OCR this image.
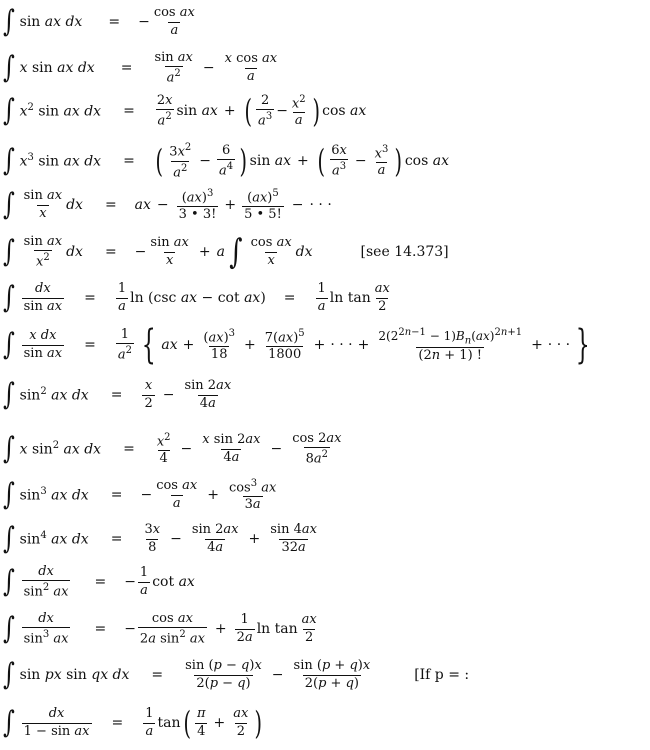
∫ sin ax dx = − $\frac{\text{cos ax}}{a}$
∫ x sin ax dx = $\frac{\text{sin ax}}{a^2} - \frac{\text{x cos ax}}{a}$
∫ $x^2$ sin ax dx = $\frac{2x}{a^2}$ sin ax + ( $\frac{2}{a^3} - \frac{x^2}{a}$ ) cos ax
∫ $x^3$ sin ax dx = ( $\frac{3x^2}{a^2} - \frac{6}{a^4}$ ) sin ax + ( $\frac{6x}{a^3} - \frac{x^3}{a}$ ) cos ax
∫ $\frac{\text{sin ax}}{x}$ dx = ax − $\frac{(ax)^3}{3 • 3!} + \frac{(ax)^5}{5 • 5!}$ − · · ·
∫ $\frac{\text{sin ax}}{x^2}$ dx = − $\frac{\text{sin ax}}{x} + a$ ∫ $\frac{\text{cos ax}}{x}$ dx	[see 14.373]
∫ $\frac{dx}{\text{sin ax}} = \frac{1}{a}$ ln (csc ax − $\cot ax) = \frac{1}{a}$ $\ln \tan \frac{ax}{2}$
∫ $\frac{\text{x dx}}{\text{sin ax}} = \frac{1}{a^2}$ { ax + $\frac{(ax)^3}{18} + \frac{7(ax)^5}{1800}$ + · · · + $\frac{2(2^{2n-1} - 1)B_n(ax)^{2n+1}}{(2n + 1) !}$ + · · · }
∫ $\sin^2$ ax dx = $\frac{x}{2} - \frac{\sin 2ax}{4a}$
∫ x $\sin^2$ ax dx = $\frac{x^2}{4} - \frac{\text{x sin 2ax}}{4a} - \frac{\cos 2ax}{8a^2}$
∫ $\sin^3$ ax dx = − $\frac{\text{cos ax}}{a} + \frac{\cos^3 ax}{3a}$
∫ $\sin^4$ ax dx = $\frac{3x}{8} - \frac{\sin 2ax}{4a} + \frac{\sin 4ax}{32a}$
∫ $\frac{dx}{\sin^2 ax}$ = − $\frac{1}{a}$ cot ax
∫ $\frac{dx}{\sin^3 ax}$ = − $\frac{\text{cos ax}}{2a \sin^2 ax} + \frac{1}{2a}$ $\ln \tan \frac{ax}{2}$
∫ sin px sin qx dx = $\frac{\sin (p - q)x}{2(p - q)} - \frac{\sin (p + q)x}{2(p + q)}$	[If p = :
∫ $\frac{dx}{\text{1 − sin ax}} = \frac{1}{a}$ tan ( $\frac{\pi}{4} + \frac{ax}{2}$ )
